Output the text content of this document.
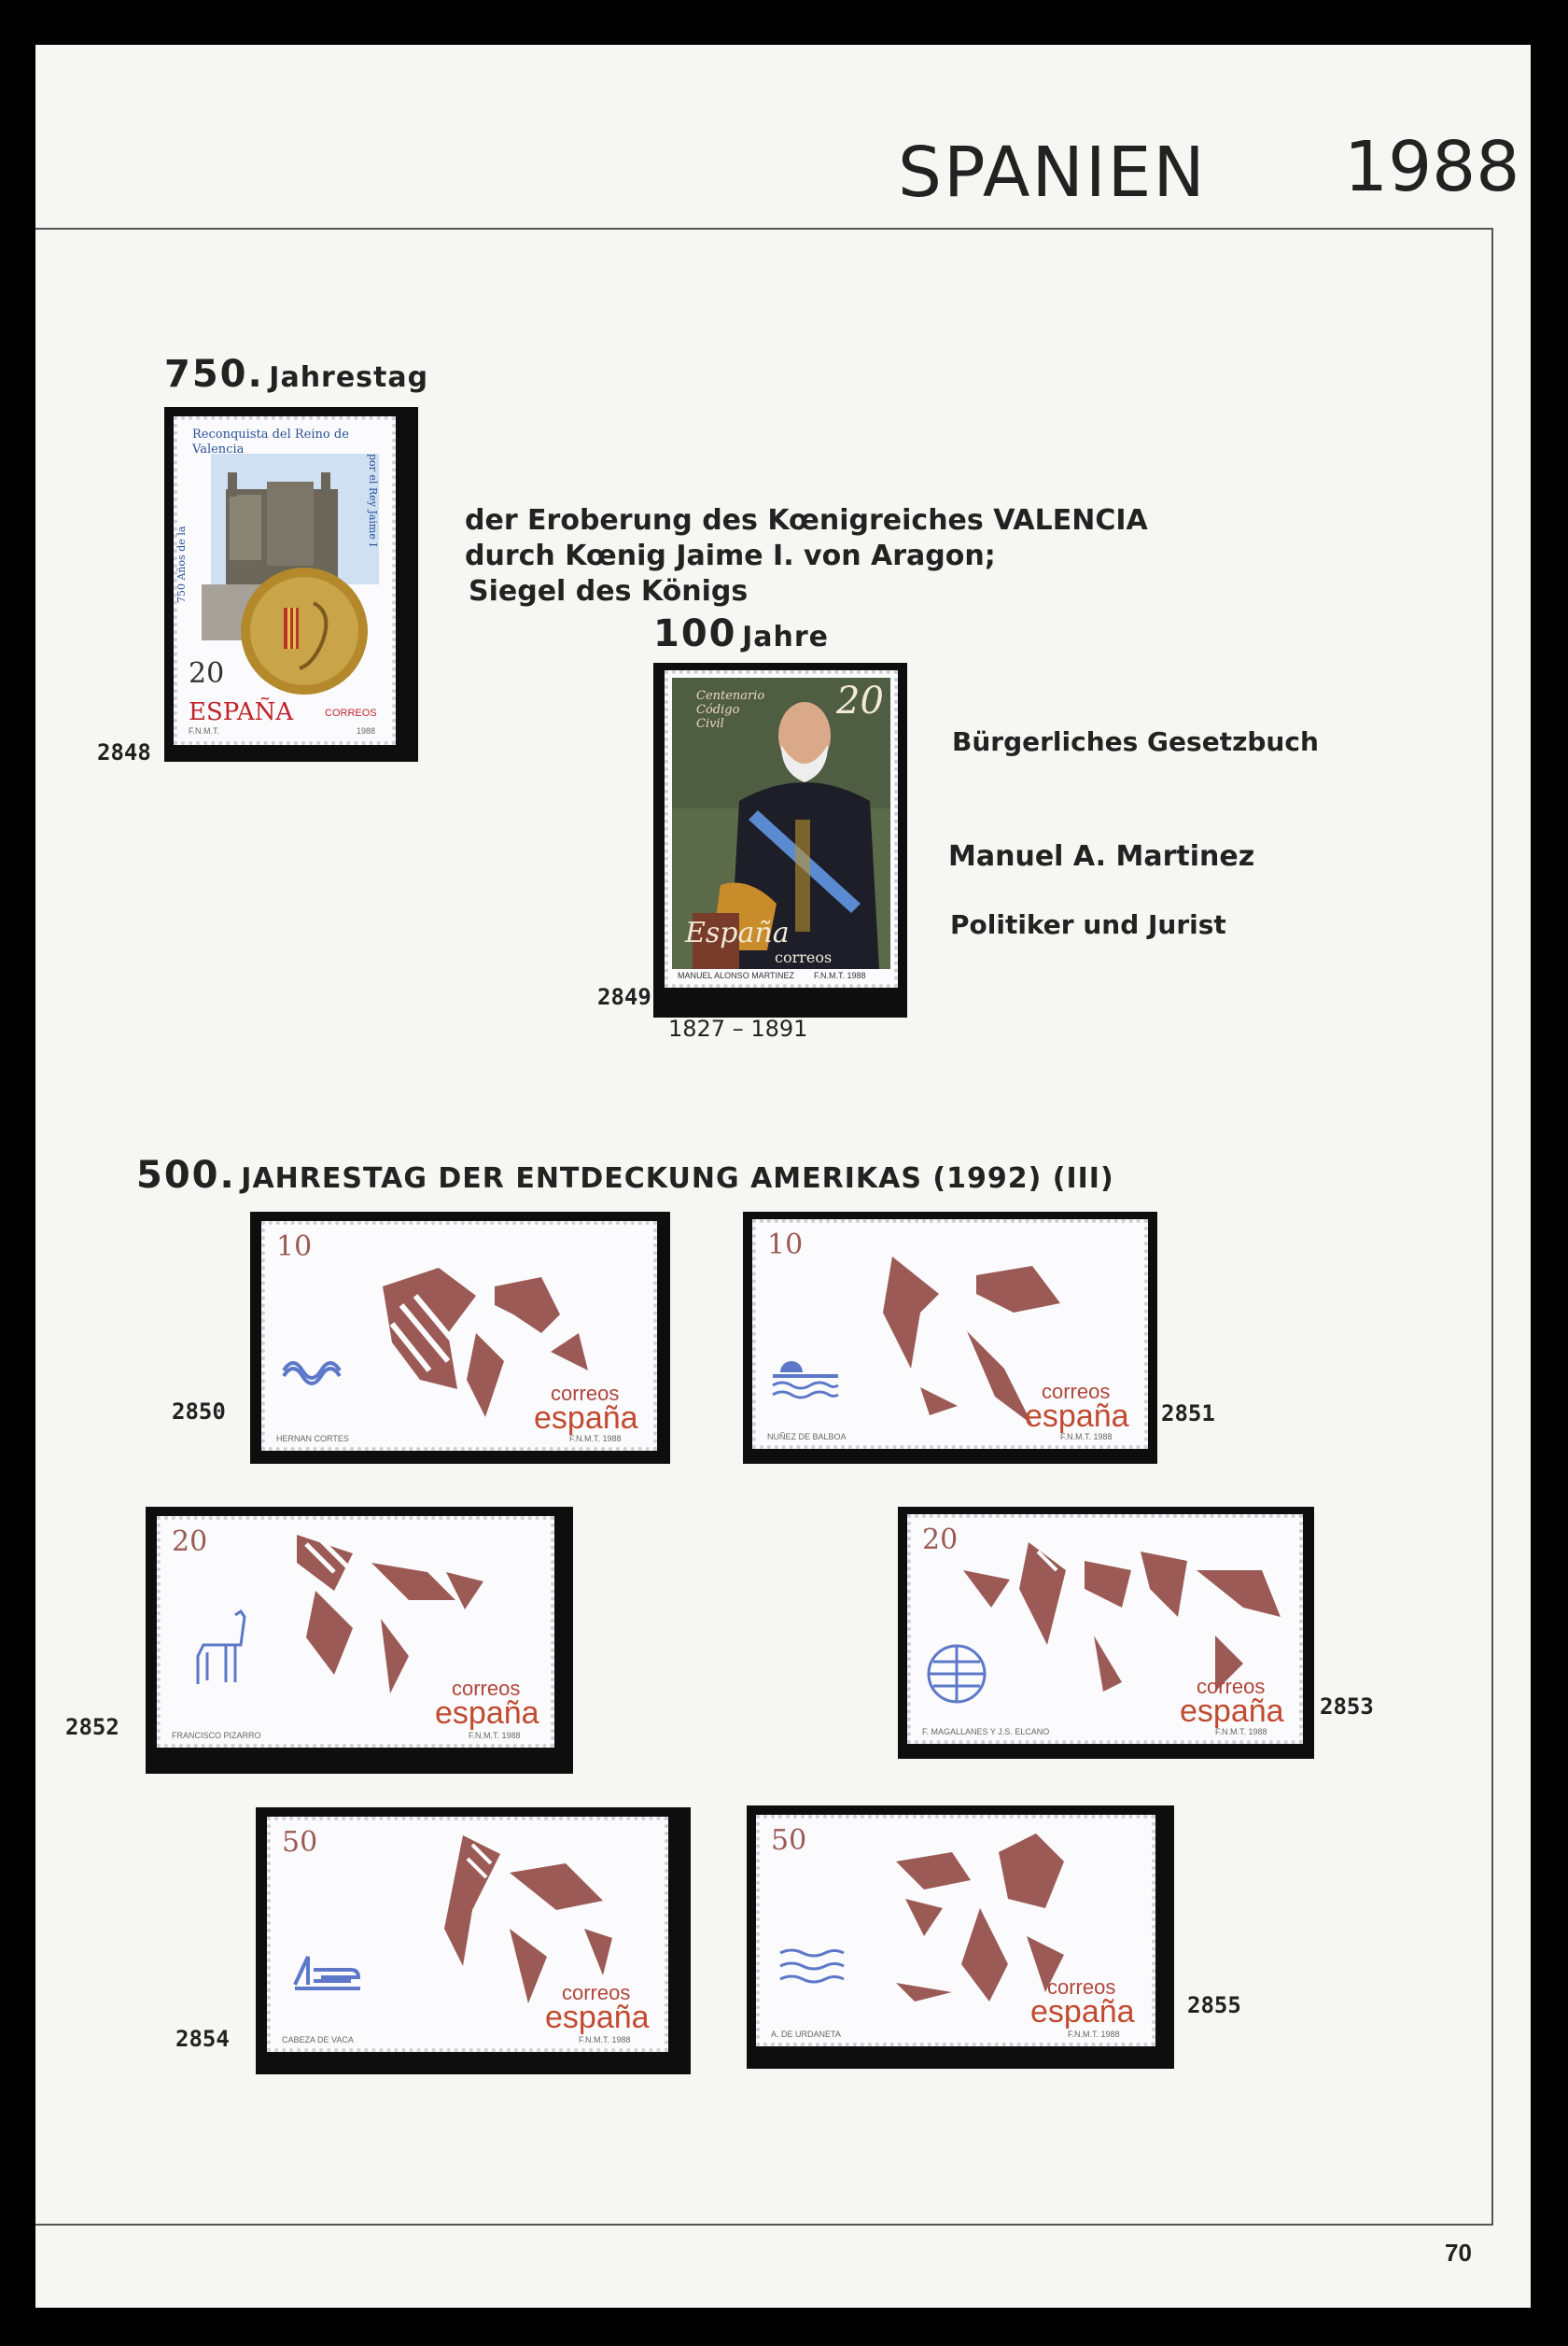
SPANIEN 1988
750. Jahrestag
Reconquista del Reino de Valencia
750 Años de la
por el Rey Jaime I
20
ESPAÑA	CORREOS
F.N.M.T.	1988
2848
der Eroberung des Kœnigreiches VALENCIA
durch Kœnig Jaime I. von Aragon;
Siegel des Königs
100 Jahre
Centenario Código Civil
20
España
correos
MANUEL ALONSO MARTINEZ F.N.M.T. 1988
2849
1827 – 1891
Bürgerliches Gesetzbuch
Manuel A. Martinez
Politiker und Jurist
500. JAHRESTAG DER ENTDECKUNG AMERIKAS (1992) (III)
10
correos
españa
HERNAN CORTES	F.N.M.T. 1988
2850
10
correos
españa
NUÑEZ DE BALBOA	F.N.M.T. 1988
2851
20
correos
españa
FRANCISCO PIZARRO	F.N.M.T. 1988
2852
20
correos
españa
F. MAGALLANES Y J.S. ELCANO	F.N.M.T. 1988
2853
50
correos
españa
CABEZA DE VACA	F.N.M.T. 1988
2854
50
correos
españa
A. DE URDANETA	F.N.M.T. 1988
2855
70
